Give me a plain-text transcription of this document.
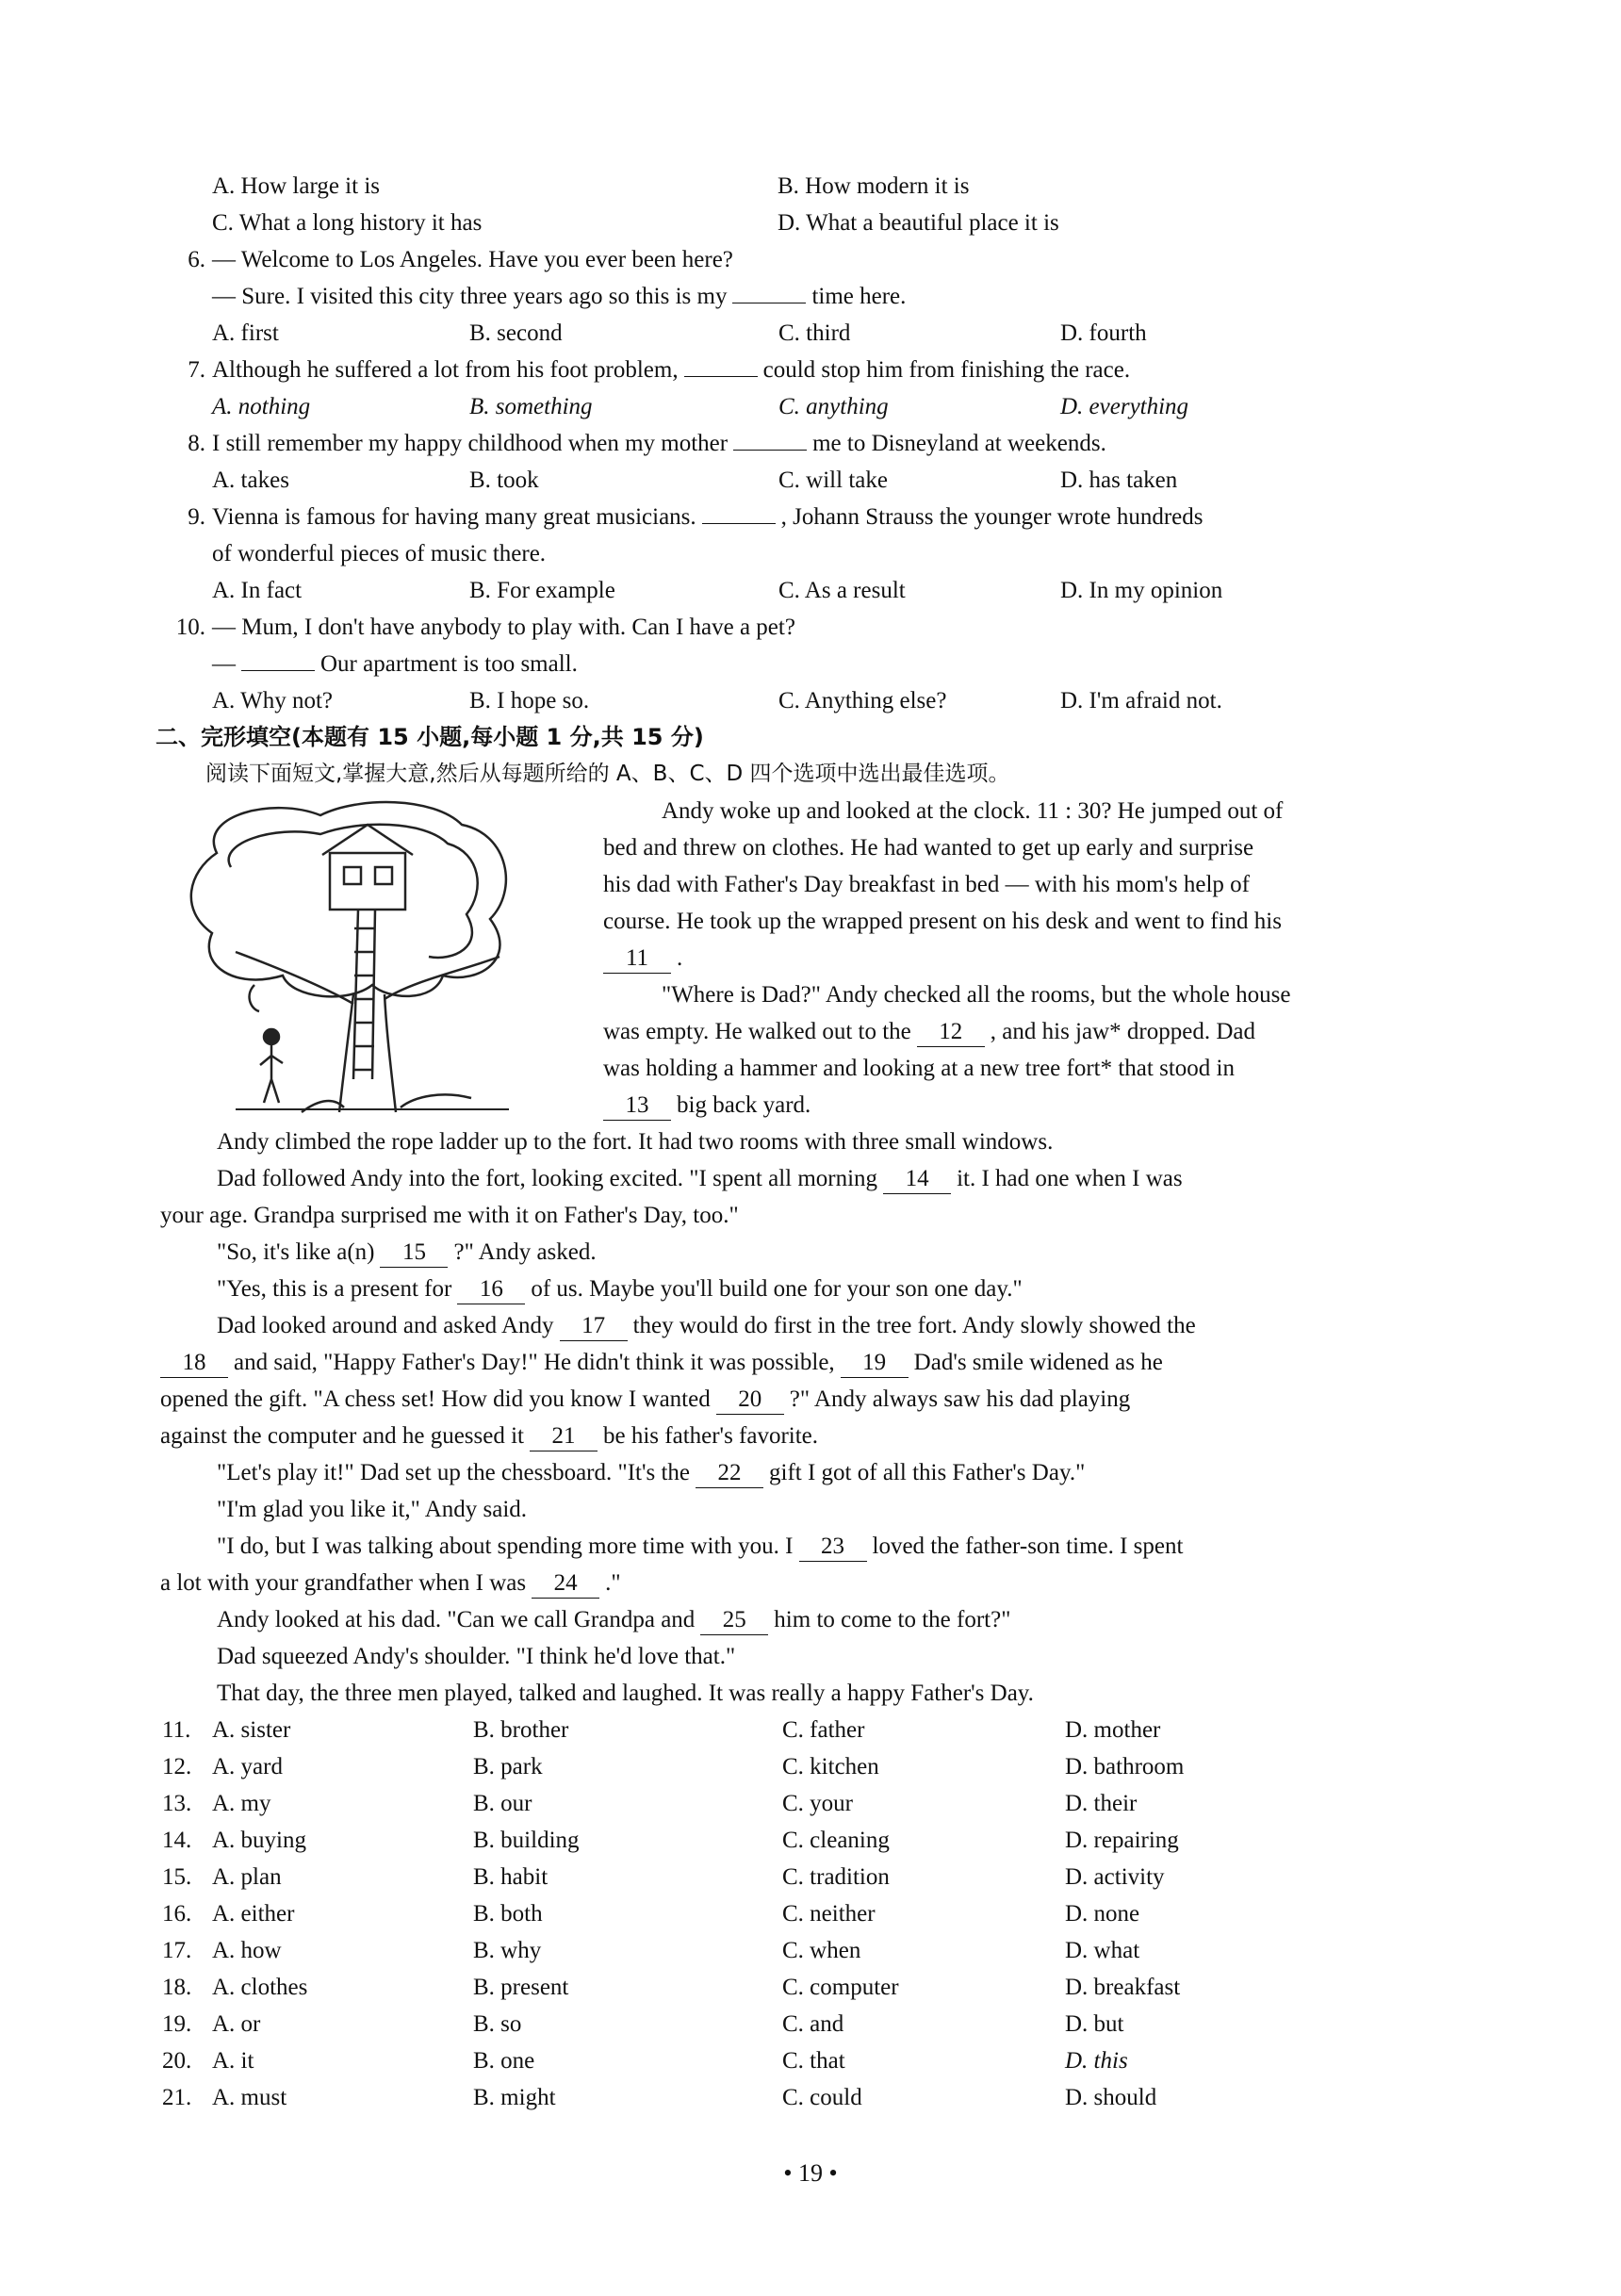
A. How large it is	B. How modern it is
C. What a long history it has	D. What a beautiful place it is
6. — Welcome to Los Angeles. Have you ever been here?
— Sure. I visited this city three years ago so this is my	time here.
A. first	B. second	C. third	D. fourth
7. Although he suffered a lot from his foot problem,	could stop him from finishing the race.
A. nothing	B. something	C. anything	D. everything
8. I still remember my happy childhood when my mother	me to Disneyland at weekends.
A. takes	B. took	C. will take	D. has taken
9. Vienna is famous for having many great musicians.	, Johann Strauss the younger wrote hundreds
of wonderful pieces of music there.
A. In fact	B. For example	C. As a result	D. In my opinion
10. — Mum, I don't have anybody to play with. Can I have a pet?
—	Our apartment is too small.
A. Why not?	B. I hope so.	C. Anything else?	D. I'm afraid not.
二、完形填空(本题有 15 小题,每小题 1 分,共 15 分)
阅读下面短文,掌握大意,然后从每题所给的 A、B、C、D 四个选项中选出最佳选项。
Andy woke up and looked at the clock. 11 : 30? He jumped out of
bed and threw on clothes. He had wanted to get up early and surprise
his dad with Father's Day breakfast in bed — with his mom's help of
course. He took up the wrapped present on his desk and went to find his
11 .
"Where is Dad?" Andy checked all the rooms, but the whole house
was empty. He walked out to the 12 , and his jaw* dropped. Dad
was holding a hammer and looking at a new tree fort* that stood in
13 big back yard.
Andy climbed the rope ladder up to the fort. It had two rooms with three small windows.
Dad followed Andy into the fort, looking excited. "I spent all morning 14 it. I had one when I was
your age. Grandpa surprised me with it on Father's Day, too."
"So, it's like a(n) 15 ?" Andy asked.
"Yes, this is a present for 16 of us. Maybe you'll build one for your son one day."
Dad looked around and asked Andy 17 they would do first in the tree fort. Andy slowly showed the
18 and said, "Happy Father's Day!" He didn't think it was possible, 19 Dad's smile widened as he
opened the gift. "A chess set! How did you know I wanted 20 ?" Andy always saw his dad playing
against the computer and he guessed it 21 be his father's favorite.
"Let's play it!" Dad set up the chessboard. "It's the 22 gift I got of all this Father's Day."
"I'm glad you like it," Andy said.
"I do, but I was talking about spending more time with you. I 23 loved the father-son time. I spent
a lot with your grandfather when I was 24 ."
Andy looked at his dad. "Can we call Grandpa and 25 him to come to the fort?"
Dad squeezed Andy's shoulder. "I think he'd love that."
That day, the three men played, talked and laughed. It was really a happy Father's Day.
11. A. sister	B. brother	C. father	D. mother
12. A. yard	B. park	C. kitchen	D. bathroom
13. A. my	B. our	C. your	D. their
14. A. buying	B. building	C. cleaning	D. repairing
15. A. plan	B. habit	C. tradition	D. activity
16. A. either	B. both	C. neither	D. none
17. A. how	B. why	C. when	D. what
18. A. clothes	B. present	C. computer	D. breakfast
19. A. or	B. so	C. and	D. but
20. A. it	B. one	C. that	D. this
21. A. must	B. might	C. could	D. should
• 19 •
